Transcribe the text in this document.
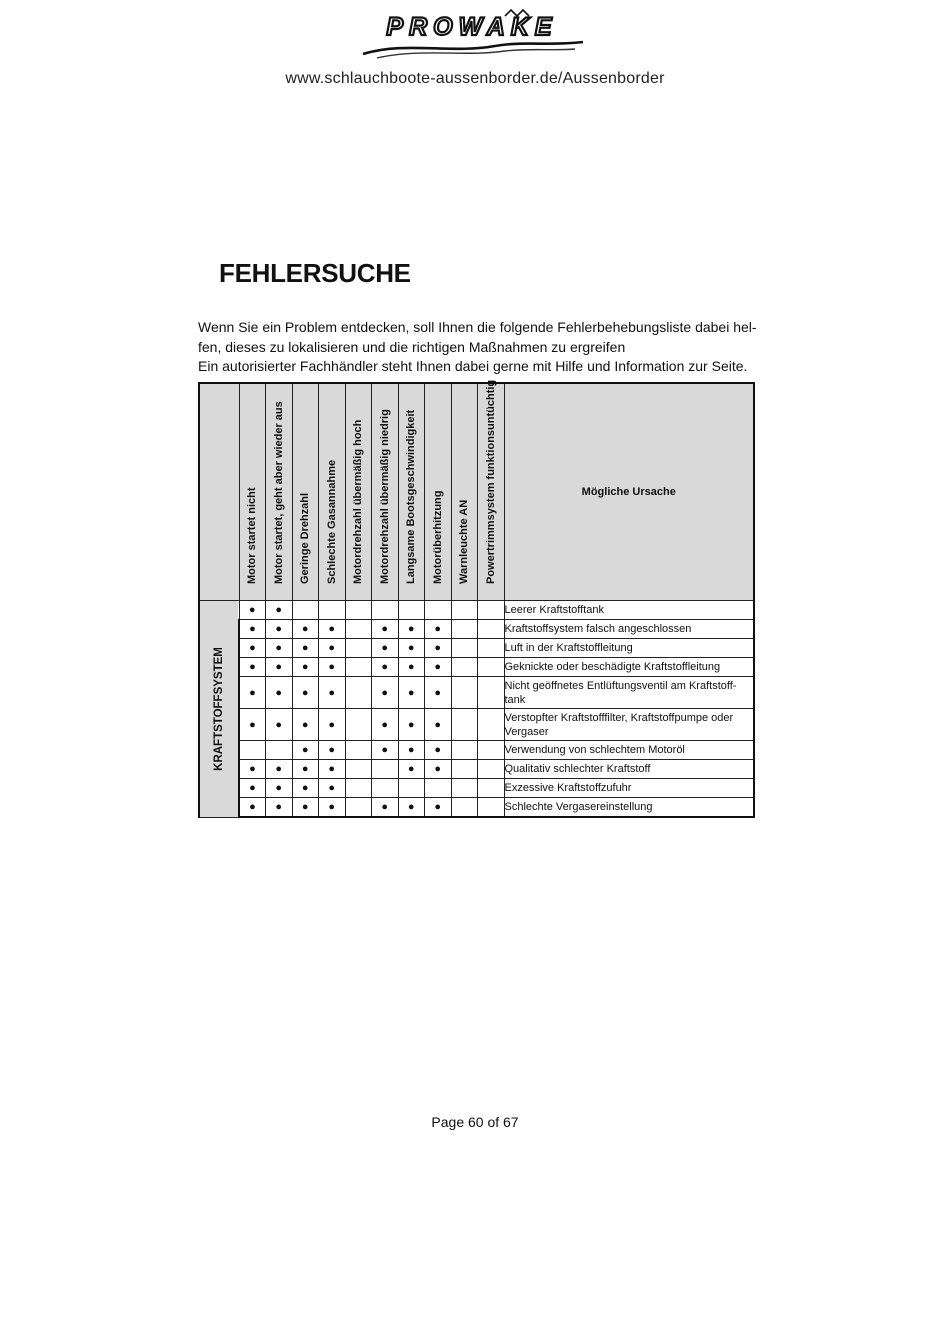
PROWAKE
www.schlauchboote-aussenborder.de/Aussenborder
FEHLERSUCHE
Wenn Sie ein Problem entdecken, soll Ihnen die folgende Fehlerbehebungsliste dabei hel-
fen, dieses zu lokalisieren und die richtigen Maßnahmen zu ergreifen
Ein autorisierter Fachhändler steht Ihnen dabei gerne mit Hilfe und Information zur Seite.

	Motor startet nicht	Motor startet, geht aber wieder aus	Geringe Drehzahl	Schlechte Gasannahme	Motordrehzahl übermäßig hoch	Motordrehzahl übermäßig niedrig	Langsame Bootsgeschwindigkeit	Motorüberhitzung	Warnleuchte AN	Powertrimmsystem funktionsuntüchtig	Mögliche Ursache

KRAFTSTOFFSYSTEM	●	●									Leerer Kraftstofftank
	●	●	●	●		●	●	●			Kraftstoffsystem falsch angeschlossen
	●	●	●	●		●	●	●			Luft in der Kraftstoffleitung
	●	●	●	●		●	●	●			Geknickte oder beschädigte Kraftstoffleitung
	●	●	●	●		●	●	●			Nicht geöffnetes Entlüftungsventil am Kraftstoff-
tank

	●	●	●	●		●	●	●			Verstopfter Kraftstofffilter, Kraftstoffpumpe oder
Vergaser

			●	●		●	●	●			Verwendung von schlechtem Motoröl
	●	●	●	●			●	●			Qualitativ schlechter Kraftstoff
	●	●	●	●							Exzessive Kraftstoffzufuhr
	●	●	●	●		●	●	●			Schlechte Vergasereinstellung
Page 60 of 67
